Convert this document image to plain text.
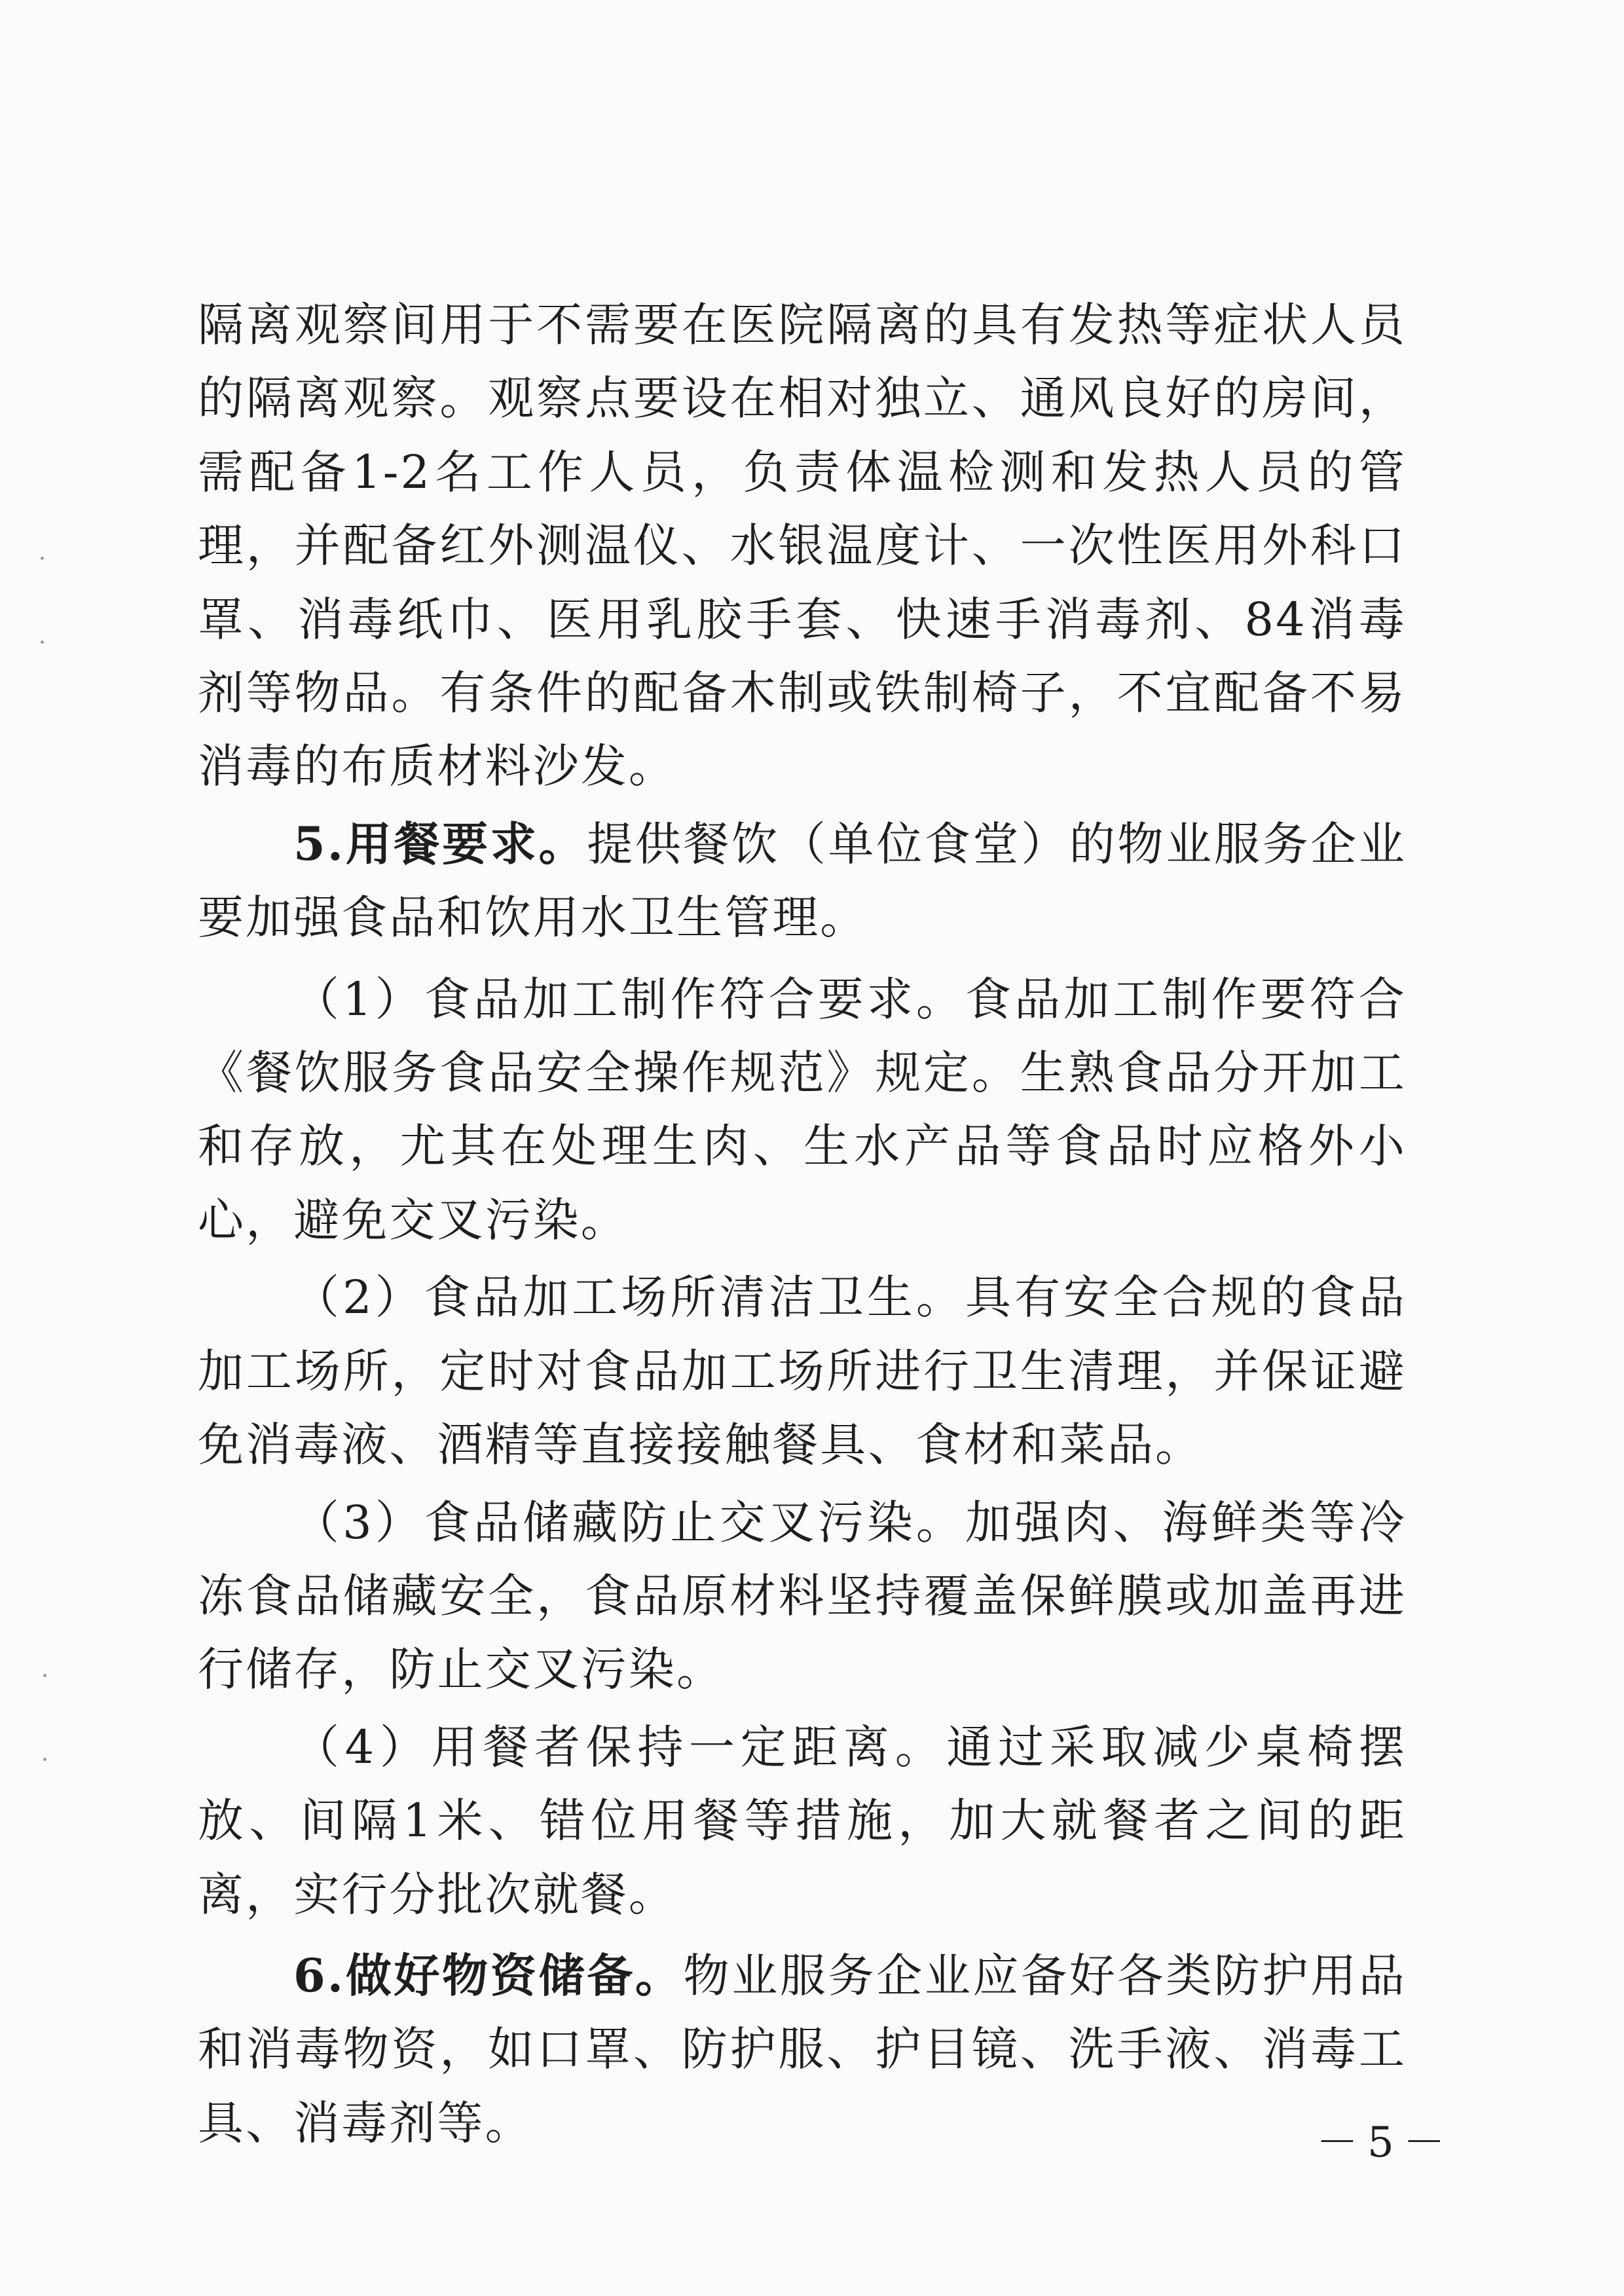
隔离观察间用于不需要在医院隔离的具有发热等症状人员的隔离观察。观察点要设在相对独立、通风良好的房间，需配备1-2名工作人员，负责体温检测和发热人员的管理，并配备红外测温仪、水银温度计、一次性医用外科口罩、消毒纸巾、医用乳胶手套、快速手消毒剂、84消毒剂等物品。有条件的配备木制或铁制椅子，不宜配备不易消毒的布质材料沙发。

5.用餐要求。提供餐饮（单位食堂）的物业服务企业要加强食品和饮用水卫生管理。

（1）食品加工制作符合要求。食品加工制作要符合《餐饮服务食品安全操作规范》规定。生熟食品分开加工和存放，尤其在处理生肉、生水产品等食品时应格外小心，避免交叉污染。

（2）食品加工场所清洁卫生。具有安全合规的食品加工场所，定时对食品加工场所进行卫生清理，并保证避免消毒液、酒精等直接接触餐具、食材和菜品。

（3）食品储藏防止交叉污染。加强肉、海鲜类等冷冻食品储藏安全，食品原材料坚持覆盖保鲜膜或加盖再进行储存，防止交叉污染。

（4）用餐者保持一定距离。通过采取减少桌椅摆放、间隔1米、错位用餐等措施，加大就餐者之间的距离，实行分批次就餐。

6.做好物资储备。物业服务企业应备好各类防护用品和消毒物资，如口罩、防护服、护目镜、洗手液、消毒工具、消毒剂等。	－5－
